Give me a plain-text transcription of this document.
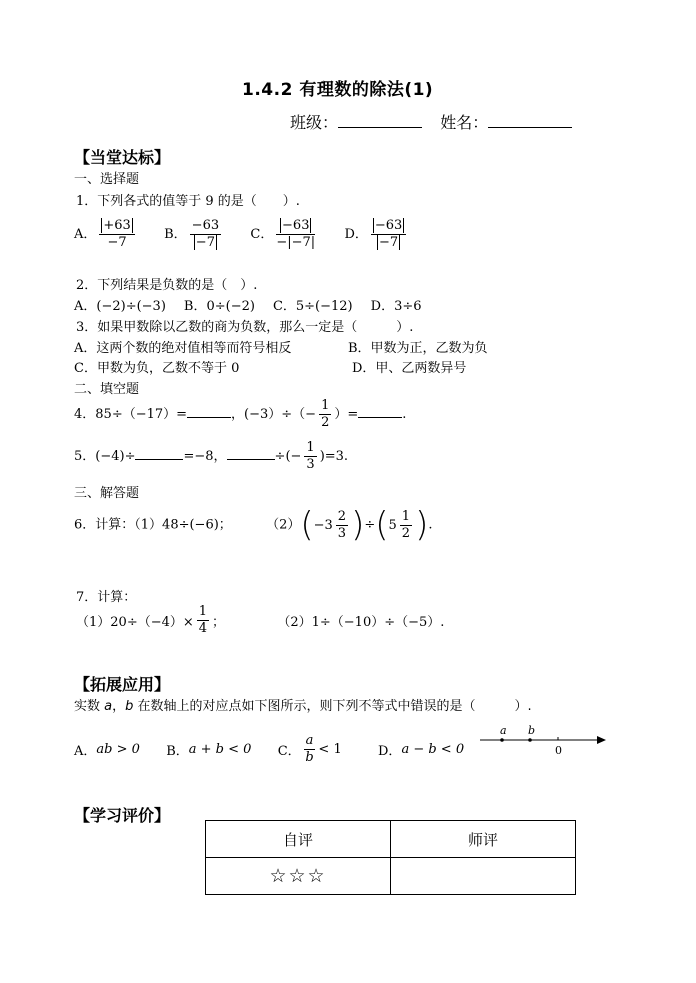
1.4.2 有理数的除法(1)
班级：	姓名：
【当堂达标】
一、选择题
1．下列各式的值等于 9 的是（　　）.
A． $\frac{+63}{-7}$ B． $\frac{-63}{-7}$ C． $\frac{-63}{-|-7|}$ D． $\frac{-63}{-7}$
2．下列结果是负数的是（　）.
A．(−2)÷(−3) B．0÷(−2) C．5÷(−12) D．3÷6
3．如果甲数除以乙数的商为负数，那么一定是（　　　）.
A．这两个数的绝对值相等而符号相反	B．甲数为正，乙数为负
C．甲数为负，乙数不等于 0	D．甲、乙两数异号
二、填空题
4．85÷（−17）=	，$(-3)\div(- \frac{1}{2}$ ）=	.
5．(−4)÷	=−8，	÷(− $\frac{1}{3} )=3$.
三、解答题
6．计算：（1）48÷(−6)；	$(2)(-3 \frac{2}{3} )\div(5 \frac{1}{2}$ ).
7．计算：
$(1)20\div(-4)\times \frac{1}{4}$ ；	（2）1÷（−10）÷（−5）.
【拓展应用】
实数 a，b 在数轴上的对应点如下图所示，则下列不等式中错误的是（　　　）.
A．ab > 0 B．a + b < 0 C． $\frac{a}{b} < 1$	D．a − b < 0
a b
0
【学习评价】
自评	师评
☆☆☆	
